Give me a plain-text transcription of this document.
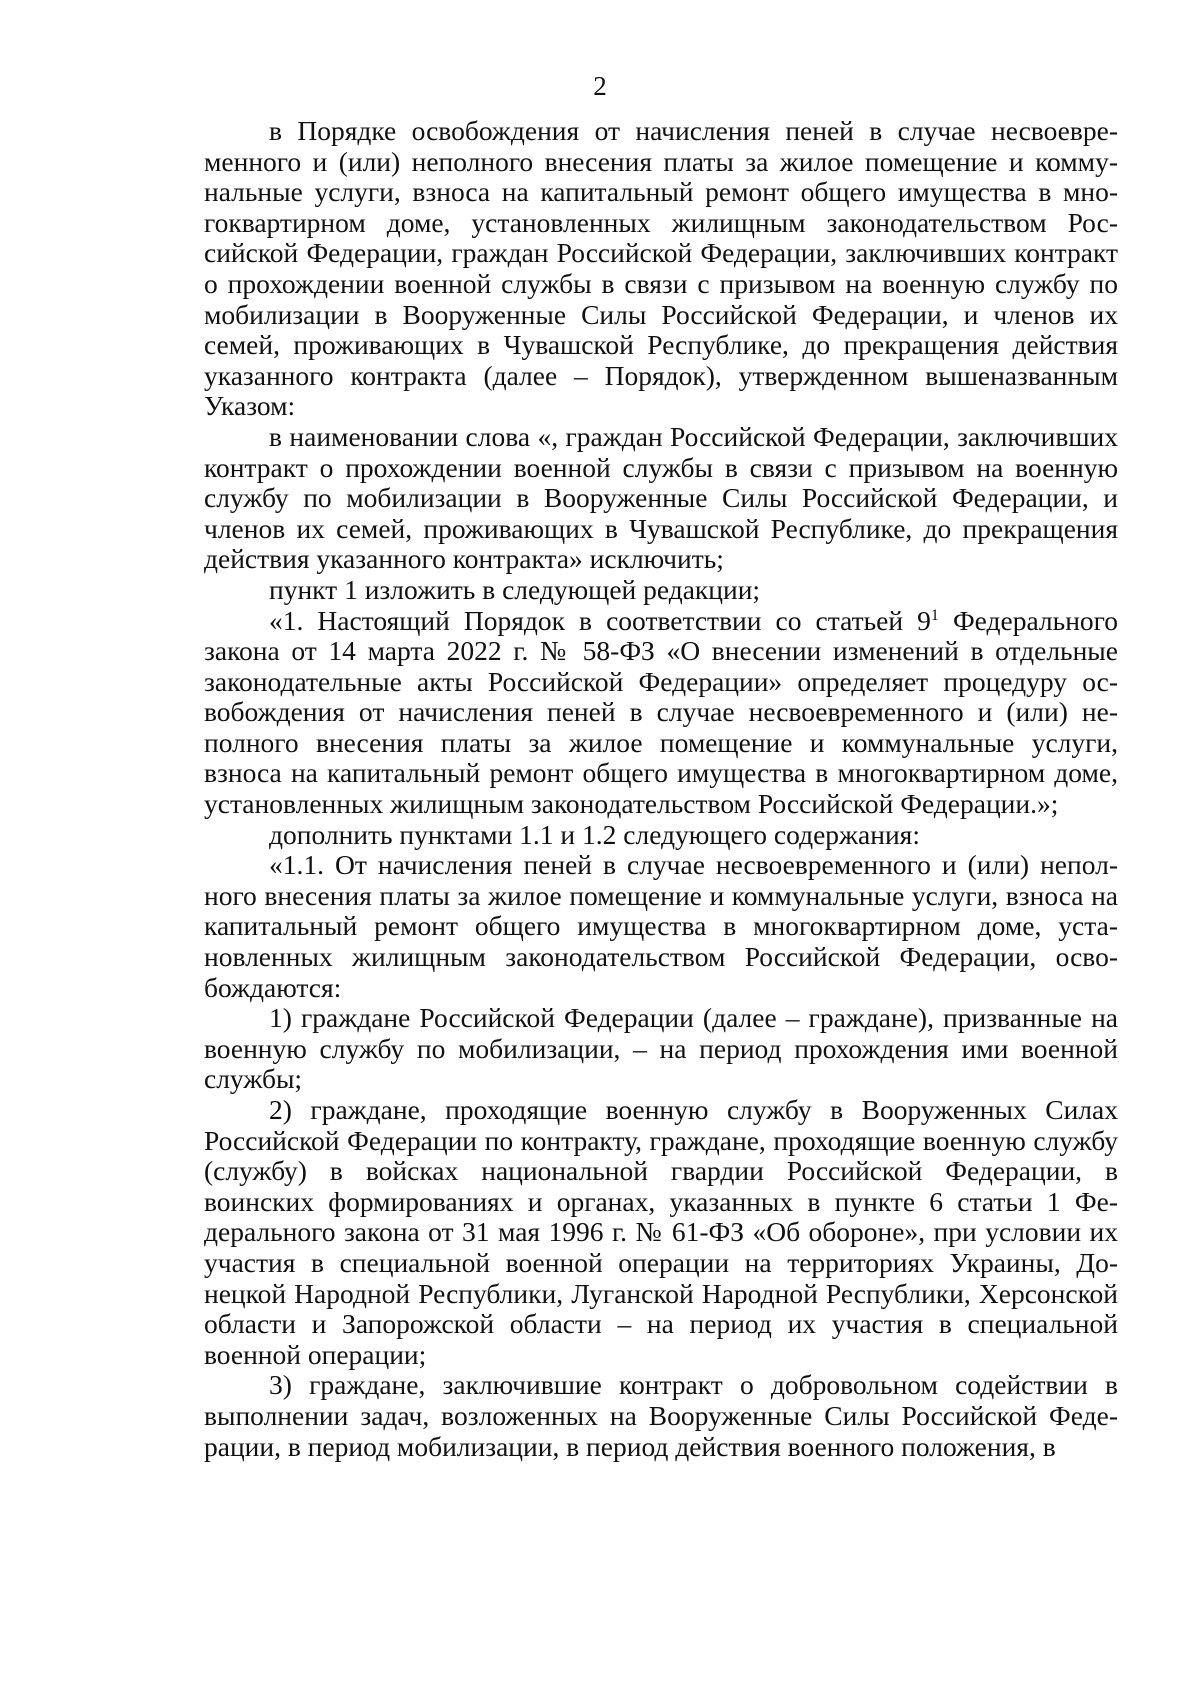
2

в Порядке освобождения от начисления пеней в случае несвоевременного и (или) неполного внесения платы за жилое помещение и коммунальные услуги, взноса на капитальный ремонт общего имущества в многоквартирном доме, установленных жилищным законодательством Российской Федерации, граждан Российской Федерации, заключивших контракт о прохождении военной службы в связи с призывом на военную службу по мобилизации в Вооруженные Силы Российской Федерации, и членов их семей, проживающих в Чувашской Республике, до прекращения действия указанного контракта (далее – Порядок), утвержденном вышеназванным Указом:

в наименовании слова «, граждан Российской Федерации, заключивших контракт о прохождении военной службы в связи с призывом на военную службу по мобилизации в Вооруженные Силы Российской Федерации, и членов их семей, проживающих в Чувашской Республике, до прекращения действия указанного контракта» исключить;

пункт 1 изложить в следующей редакции;

«1. Настоящий Порядок в соответствии со статьей $9^1$ Федерального закона от 14 марта 2022 г. № 58-ФЗ «О внесении изменений в отдельные законодательные акты Российской Федерации» определяет процедуру освобождения от начисления пеней в случае несвоевременного и (или) неполного внесения платы за жилое помещение и коммунальные услуги, взноса на капитальный ремонт общего имущества в многоквартирном доме, установленных жилищным законодательством Российской Федерации.»;

дополнить пунктами 1.1 и 1.2 следующего содержания:

«1.1. От начисления пеней в случае несвоевременного и (или) неполного внесения платы за жилое помещение и коммунальные услуги, взноса на капитальный ремонт общего имущества в многоквартирном доме, установленных жилищным законодательством Российской Федерации, освобождаются:

1) граждане Российской Федерации (далее – граждане), призванные на военную службу по мобилизации, – на период прохождения ими военной службы;

2) граждане, проходящие военную службу в Вооруженных Силах Российской Федерации по контракту, граждане, проходящие военную службу (службу) в войсках национальной гвардии Российской Федерации, в воинских формированиях и органах, указанных в пункте 6 статьи 1 Федерального закона от 31 мая 1996 г. № 61-ФЗ «Об обороне», при условии их участия в специальной военной операции на территориях Украины, Донецкой Народной Республики, Луганской Народной Республики, Херсонской области и Запорожской области – на период их участия в специальной военной операции;

3) граждане, заключившие контракт о добровольном содействии в выполнении задач, возложенных на Вооруженные Силы Российской Федерации, в период мобилизации, в период действия военного положения, в
